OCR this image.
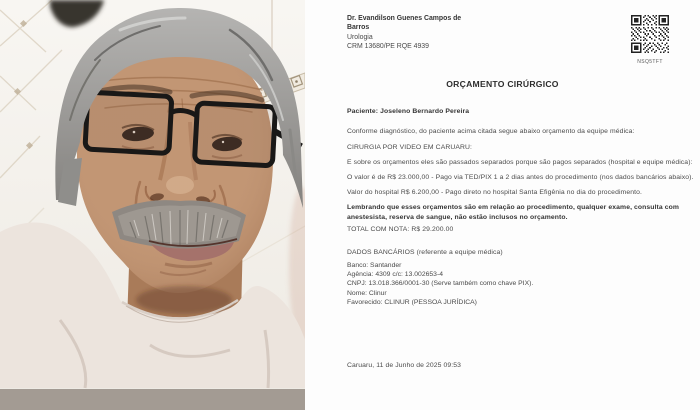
Dr. Evandilson Guenes Campos de
Barros
Urologia
CRM 13680/PE RQE 4939
NSQ5TFT
ORÇAMENTO CIRÚRGICO
Paciente: Joseleno Bernardo Pereira
Conforme diagnóstico, do paciente acima citada segue abaixo orçamento da equipe médica:
CIRURGIA POR VIDEO EM CARUARU:
E sobre os orçamentos eles são passados separados porque são pagos separados (hospital e equipe médica):
O valor é de R$ 23.000,00 - Pago via TED/PIX 1 a 2 dias antes do procedimento (nos dados bancários abaixo).
Valor do hospital R$ 6.200,00 - Pago direto no hospital Santa Efigênia no dia do procedimento.
Lembrando que esses orçamentos são em relação ao procedimento, qualquer exame, consulta com
anestesista, reserva de sangue, não estão inclusos no orçamento.
TOTAL COM NOTA: R$ 29.200.00
DADOS BANCÁRIOS (referente a equipe médica)
Banco: Santander
Agência: 4309 c/c: 13.002653-4
CNPJ: 13.018.366/0001-30 (Serve também como chave PIX).
Nome: Clinur
Favorecido: CLINUR (PESSOA JURÍDICA)
Caruaru, 11 de Junho de 2025 09:53
